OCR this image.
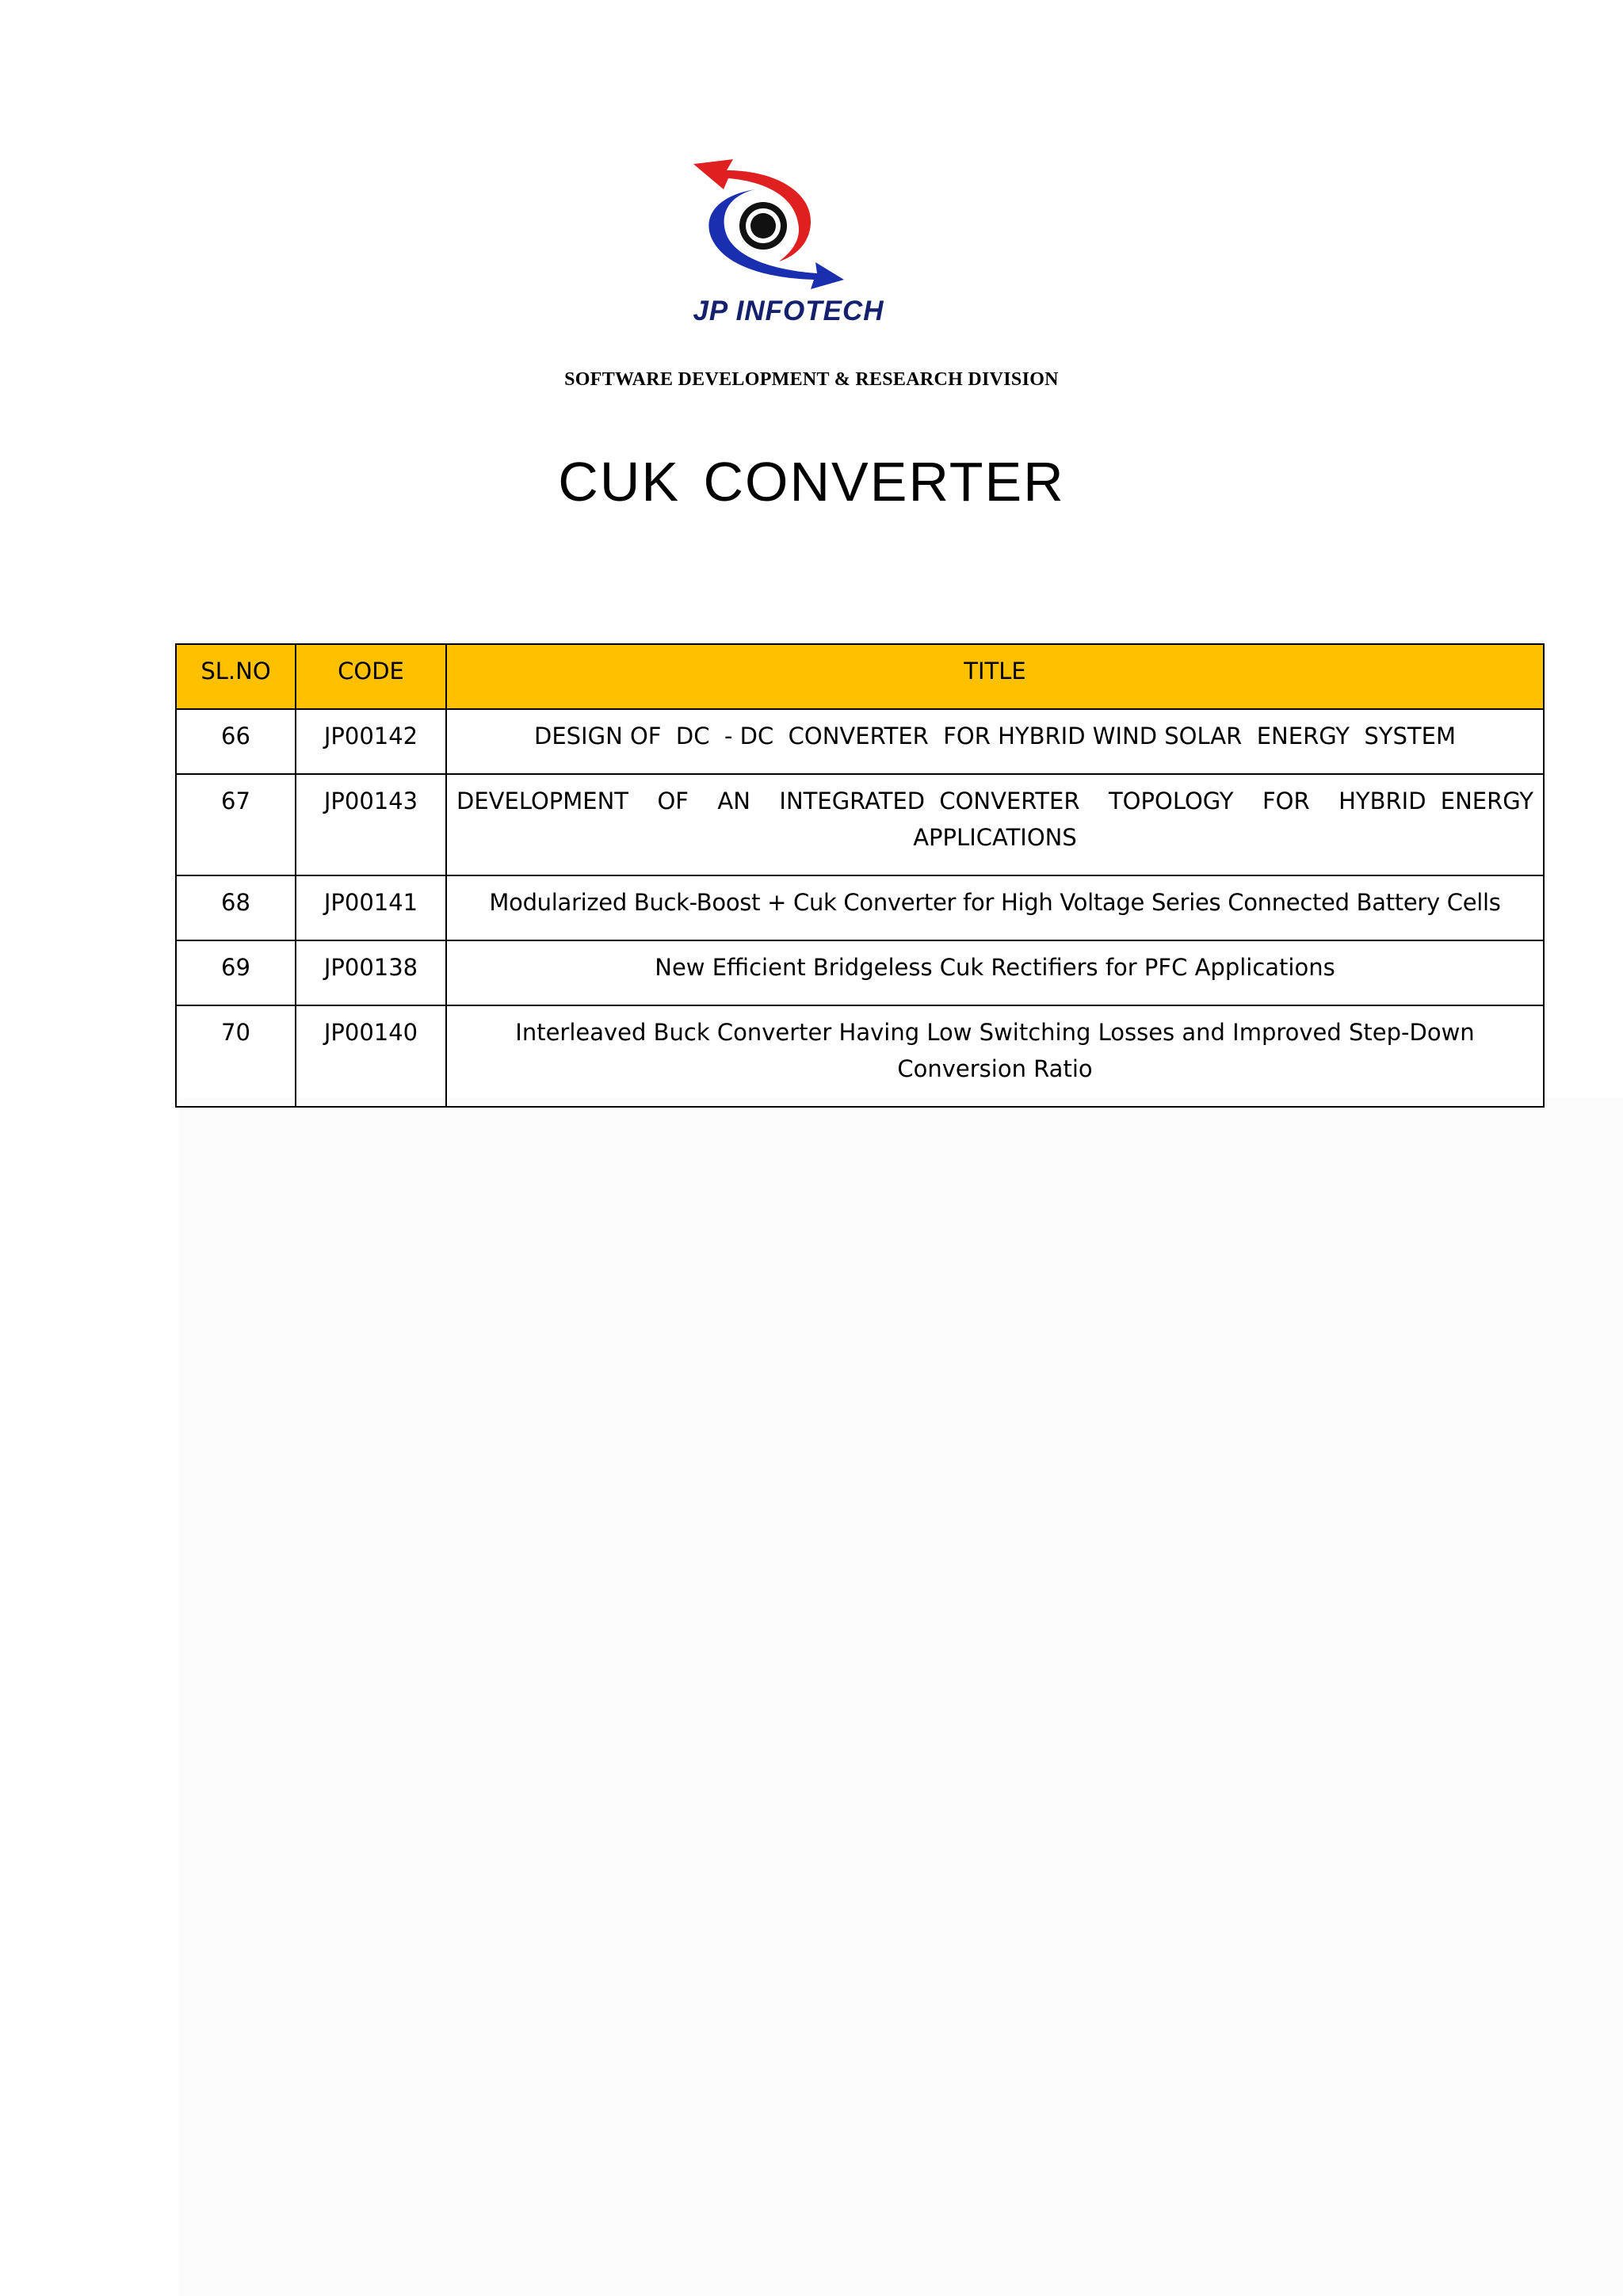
JP INFOTECH
SOFTWARE DEVELOPMENT & RESEARCH DIVISION
CUK CONVERTER
SL.NO	CODE	TITLE
66	JP00142	DESIGN OF  DC  - DC  CONVERTER  FOR HYBRID WIND SOLAR  ENERGY  SYSTEM
67	JP00143	DEVELOPMENT  OF  AN  INTEGRATED CONVERTER  TOPOLOGY  FOR  HYBRID ENERGY APPLICATIONS
68	JP00141	Modularized Buck-Boost + Cuk Converter for High Voltage Series Connected Battery Cells
69	JP00138	New Efficient Bridgeless Cuk Rectifiers for PFC Applications
70	JP00140	Interleaved Buck Converter Having Low Switching Losses and Improved Step-Down Conversion Ratio
